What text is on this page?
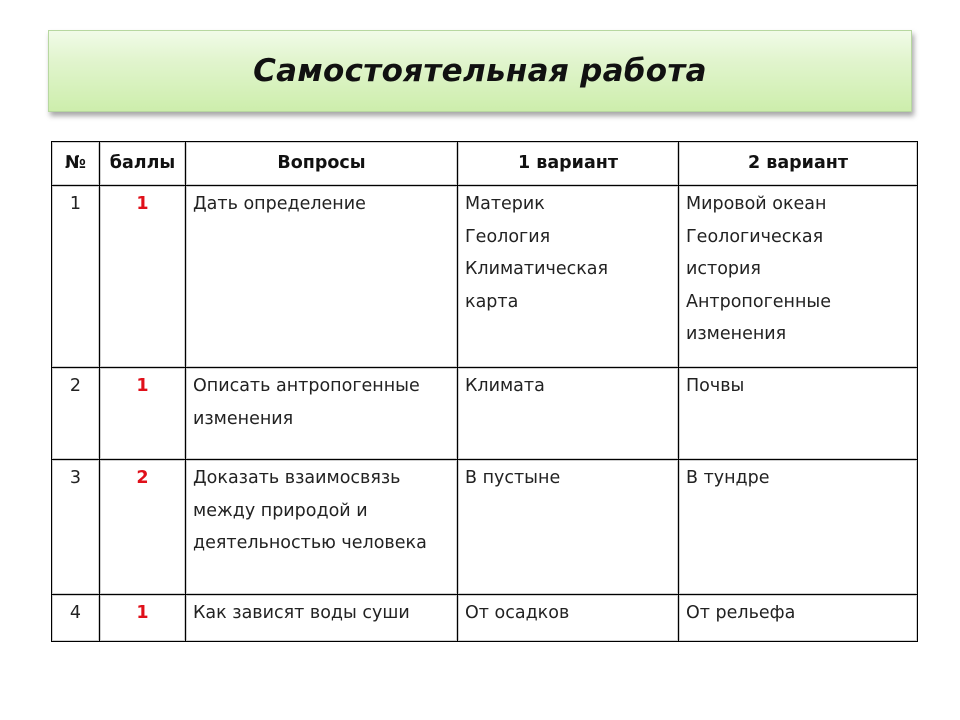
Самостоятельная работа
№	баллы	Вопросы	1 вариант	2 вариант
1	1	Дать определение	Материк
Геология
Климатическая
карта	Мировой океан
Геологическая
история
Антропогенные
изменения

2	1	Описать антропогенные
изменения	Климата	Почвы

3	2	Доказать взаимосвязь
между природой и
деятельностью человека	В пустыне	В тундре

4	1	Как зависят воды суши	От осадков	От рельефа
